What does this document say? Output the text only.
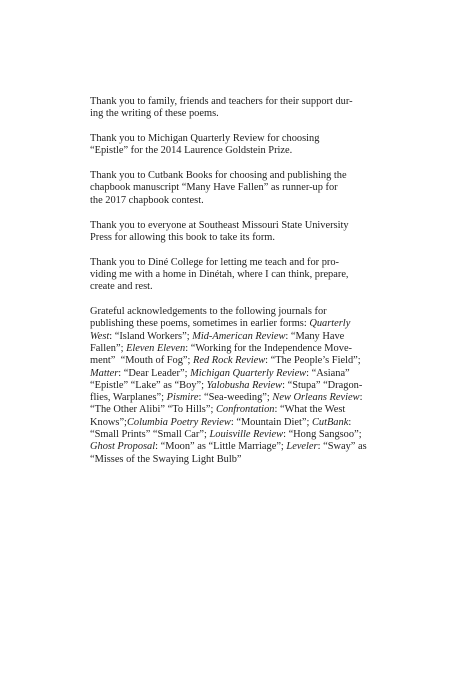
Thank you to family, friends and teachers for their support dur-
ing the writing of these poems.

Thank you to Michigan Quarterly Review for choosing
“Epistle” for the 2014 Laurence Goldstein Prize.

Thank you to Cutbank Books for choosing and publishing the
chapbook manuscript “Many Have Fallen” as runner-up for
the 2017 chapbook contest.

Thank you to everyone at Southeast Missouri State University
Press for allowing this book to take its form.

Thank you to Diné College for letting me teach and for pro-
viding me with a home in Dinétah, where I can think, prepare,
create and rest.

Grateful acknowledgements to the following journals for
publishing these poems, sometimes in earlier forms: Quarterly
West: “Island Workers”; Mid-American Review: “Many Have
Fallen”; Eleven Eleven: “Working for the Independence Move-
ment”  “Mouth of Fog”; Red Rock Review: “The People’s Field”;
Matter: “Dear Leader”; Michigan Quarterly Review: “Asiana”
“Epistle” “Lake” as “Boy”; Yalobusha Review: “Stupa” “Dragon-
flies, Warplanes”; Pismire: “Sea-weeding”; New Orleans Review:
“The Other Alibi” “To Hills”; Confrontation: “What the West
Knows”;Columbia Poetry Review: “Mountain Diet”; CutBank:
“Small Prints” “Small Car”; Louisville Review: “Hong Sangsoo”;
Ghost Proposal: “Moon” as “Little Marriage”; Leveler: “Sway” as
“Misses of the Swaying Light Bulb”
